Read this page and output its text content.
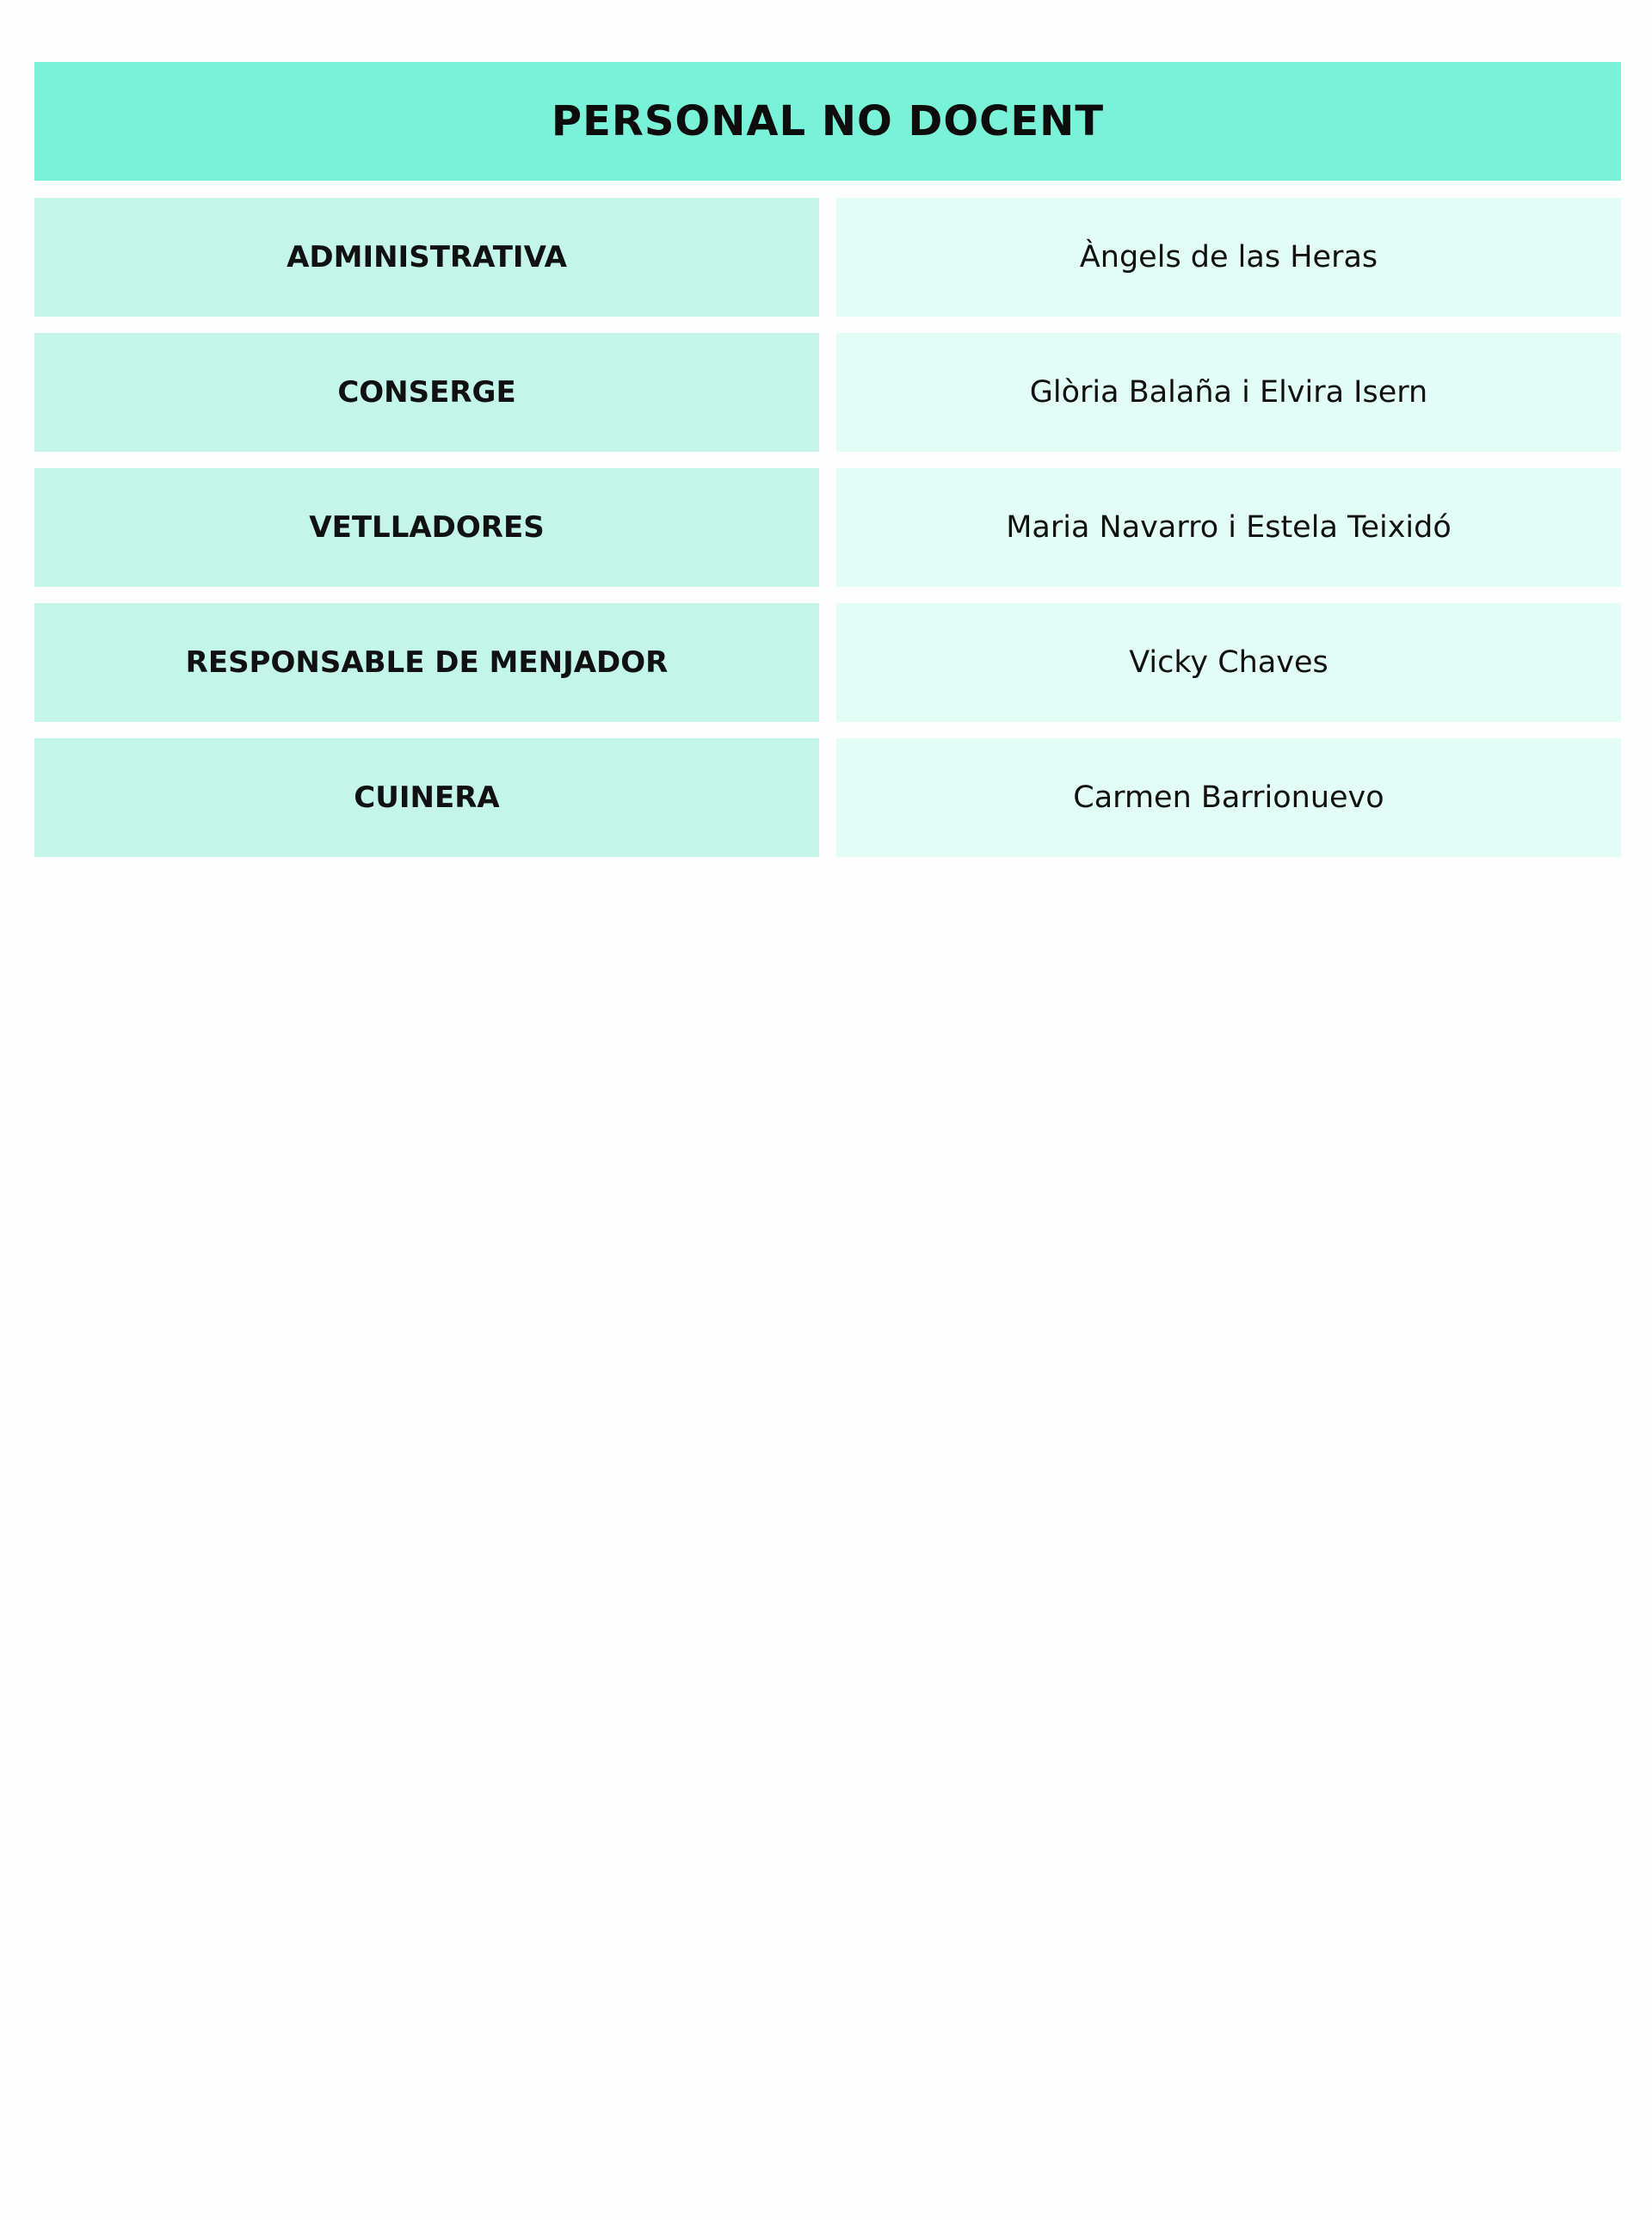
PERSONAL NO DOCENT
ADMINISTRATIVA	Àngels de las Heras
CONSERGE	Glòria Balaña i Elvira Isern
VETLLADORES	Maria Navarro i Estela Teixidó
RESPONSABLE DE MENJADOR	Vicky Chaves
CUINERA	Carmen Barrionuevo
